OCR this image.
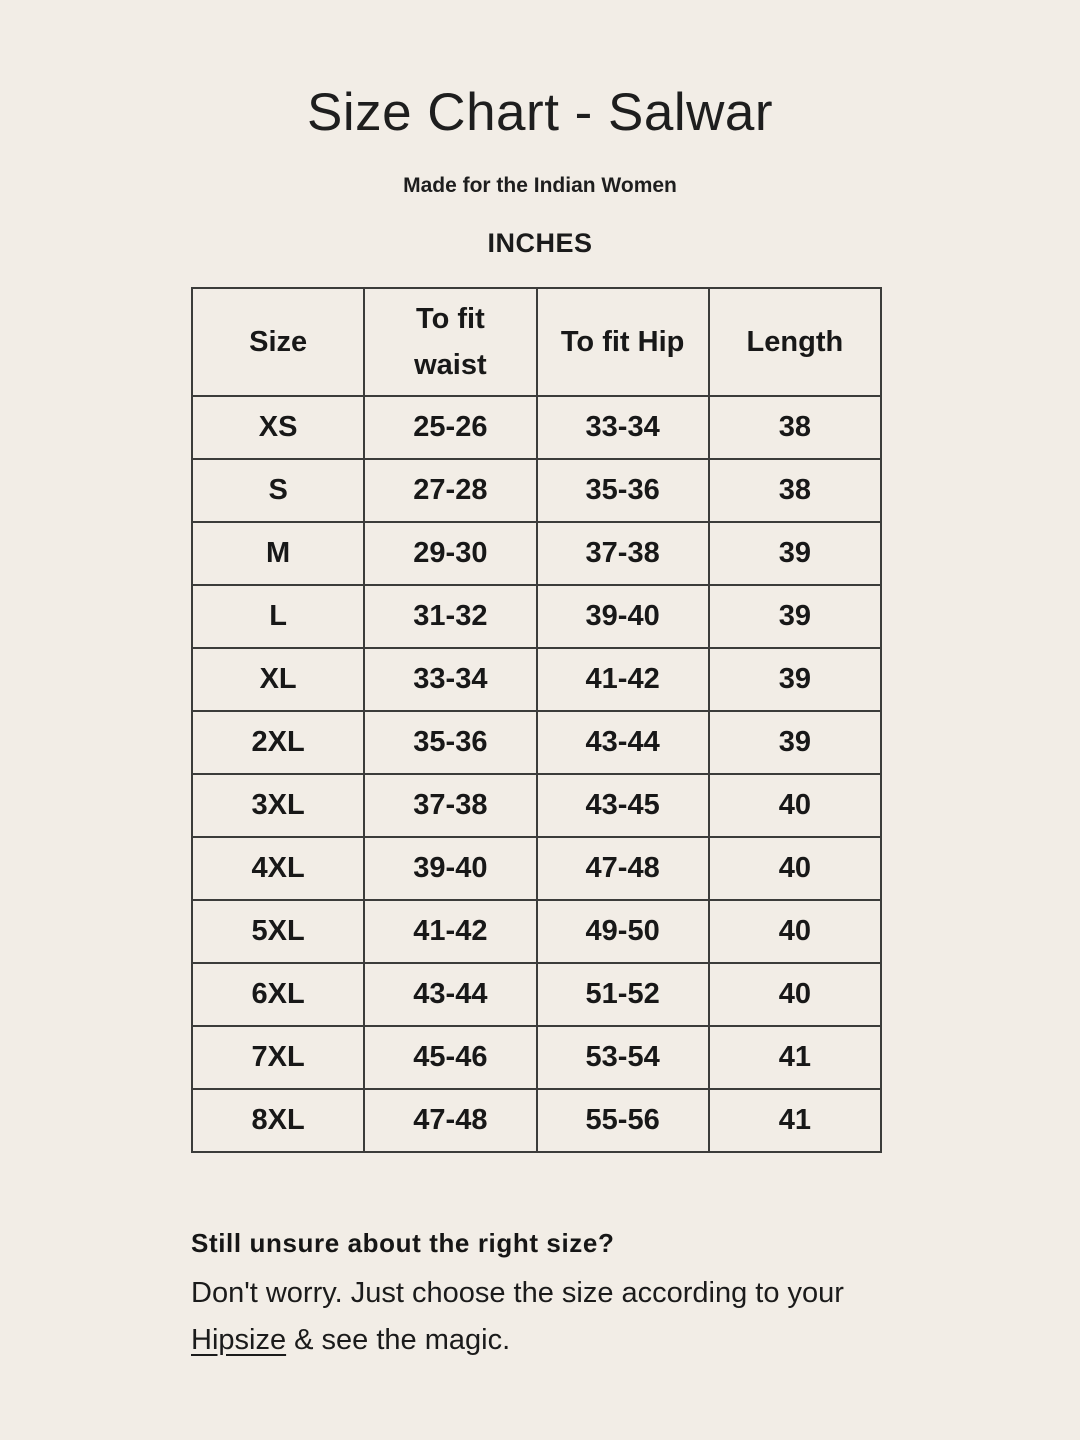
Size Chart - Salwar
Made for the Indian Women
INCHES
Size	To fit waist	To fit Hip	Length
XS	25-26	33-34	38
S	27-28	35-36	38
M	29-30	37-38	39
L	31-32	39-40	39
XL	33-34	41-42	39
2XL	35-36	43-44	39
3XL	37-38	43-45	40
4XL	39-40	47-48	40
5XL	41-42	49-50	40
6XL	43-44	51-52	40
7XL	45-46	53-54	41
8XL	47-48	55-56	41
Still unsure about the right size?
Don't worry. Just choose the size according to your
Hipsize & see the magic.
